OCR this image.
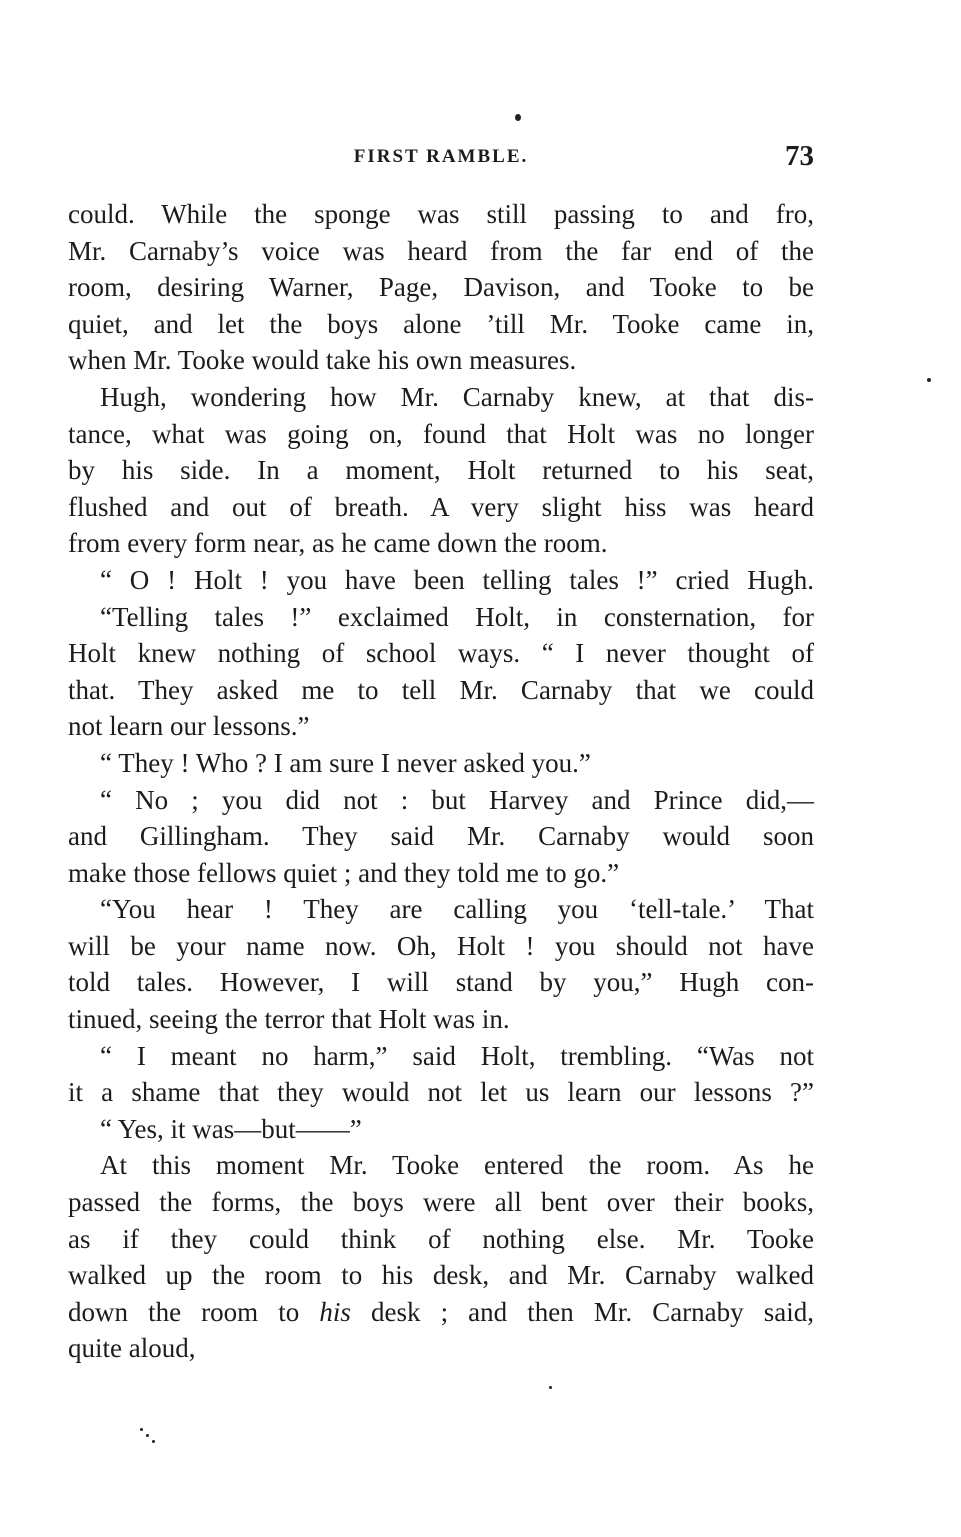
FIRST RAMBLE.	73
could. While the sponge was still passing to and fro,
Mr. Carnaby’s voice was heard from the far end of the
room, desiring Warner, Page, Davison, and Tooke to be
quiet, and let the boys alone ’till Mr. Tooke came in,
when Mr. Tooke would take his own measures.
Hugh, wondering how Mr. Carnaby knew, at that dis-
tance, what was going on, found that Holt was no longer
by his side. In a moment, Holt returned to his seat,
flushed and out of breath. A very slight hiss was heard
from every form near, as he came down the room.
“ O ! Holt ! you have been telling tales !” cried Hugh.
“Telling tales !” exclaimed Holt, in consternation, for
Holt knew nothing of school ways. “ I never thought of
that. They asked me to tell Mr. Carnaby that we could
not learn our lessons.”
“ They ! Who ? I am sure I never asked you.”
“ No ; you did not : but Harvey and Prince did,—
and Gillingham. They said Mr. Carnaby would soon
make those fellows quiet ; and they told me to go.”
“You hear ! They are calling you ‘tell-tale.’ That
will be your name now. Oh, Holt ! you should not have
told tales. However, I will stand by you,” Hugh con-
tinued, seeing the terror that Holt was in.
“ I meant no harm,” said Holt, trembling. “Was not
it a shame that they would not let us learn our lessons ?”
“ Yes, it was—but——”
At this moment Mr. Tooke entered the room. As he
passed the forms, the boys were all bent over their books,
as if they could think of nothing else. Mr. Tooke
walked up the room to his desk, and Mr. Carnaby walked
down the room to his desk ; and then Mr. Carnaby said,
quite aloud,
